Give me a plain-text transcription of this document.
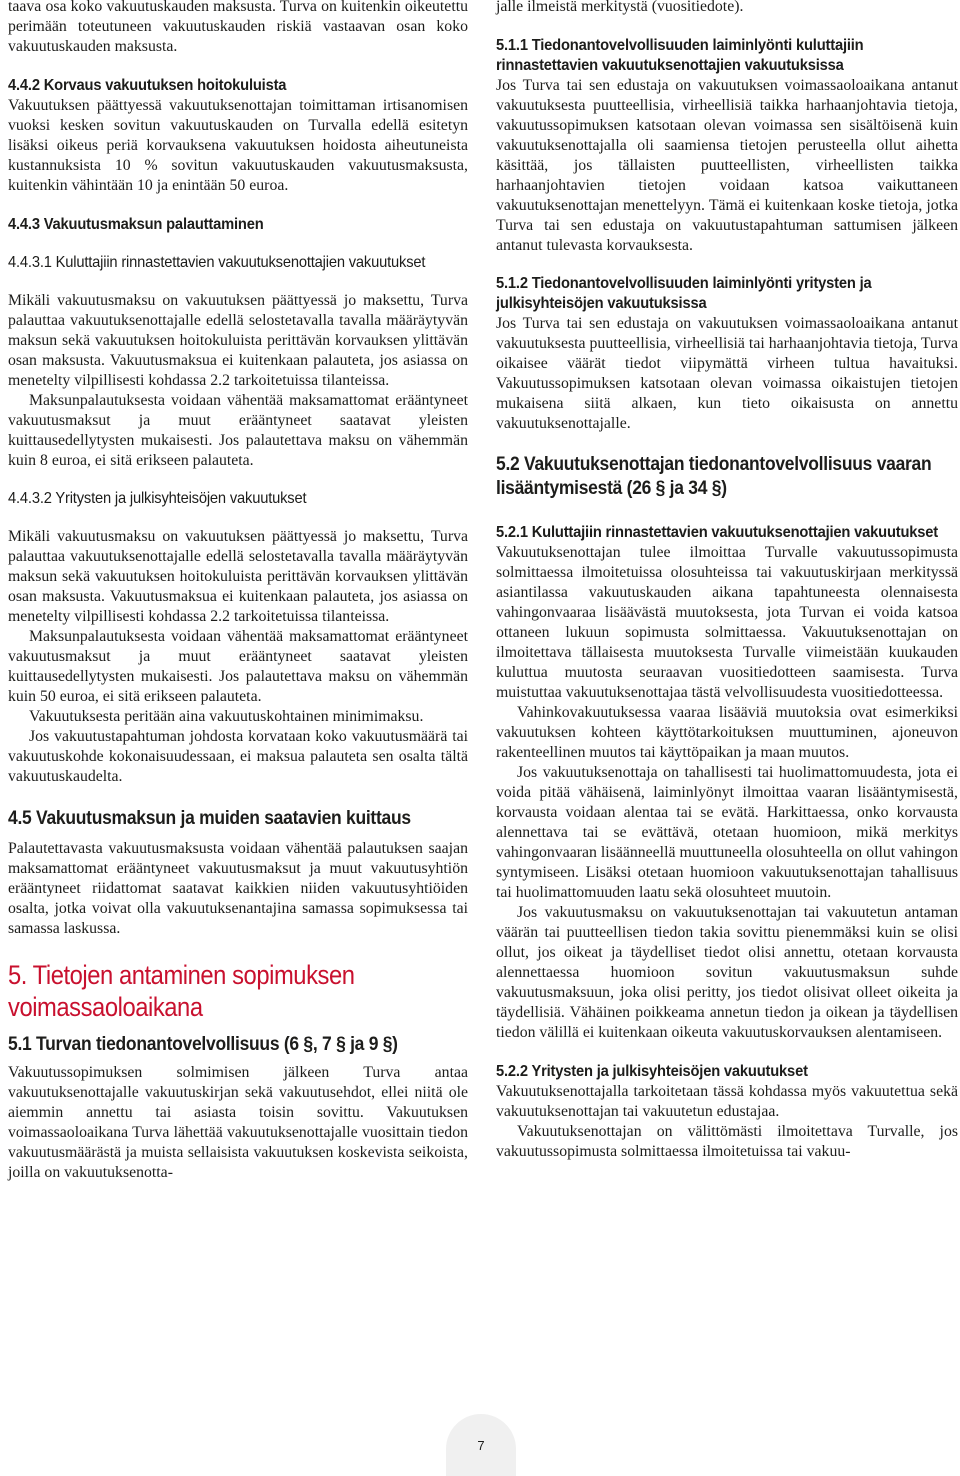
taava osa koko vakuutuskauden maksusta. Turva on kuitenkin oikeutettu perimään toteutuneen vakuutuskauden riskiä vastaavan osan koko vakuutuskauden maksusta.

4.4.2 Korvaus vakuutuksen hoitokuluista

Vakuutuksen päättyessä vakuutuksenottajan toimittaman irtisanomisen vuoksi kesken sovitun vakuutuskauden on Turvalla edellä esitetyn lisäksi oikeus periä korvauksena vakuutuksen hoidosta aiheutuneista kustannuksista 10 % sovitun vakuutuskauden vakuutusmaksusta, kuitenkin vähintään 10 ja enintään 50 euroa.

4.4.3 Vakuutusmaksun palauttaminen
4.4.3.1 Kuluttajiin rinnastettavien vakuutuksenottajien vakuutukset

Mikäli vakuutusmaksu on vakuutuksen päättyessä jo maksettu, Turva palauttaa vakuutuksenottajalle edellä selostetavalla tavalla määräytyvän maksun sekä vakuutuksen hoitokuluista perittävän korvauksen ylittävän osan maksusta. Vakuutusmaksua ei kuitenkaan palauteta, jos asiassa on menetelty vilpillisesti kohdassa 2.2 tarkoitetuissa tilanteissa.

Maksunpalautuksesta voidaan vähentää maksamattomat erääntyneet vakuutusmaksut ja muut erääntyneet saatavat yleisten kuittausedellytysten mukaisesti. Jos palautettava maksu on vähemmän kuin 8 euroa, ei sitä erikseen palauteta.

4.4.3.2 Yritysten ja julkisyhteisöjen vakuutukset

Mikäli vakuutusmaksu on vakuutuksen päättyessä jo maksettu, Turva palauttaa vakuutuksenottajalle edellä selostetavalla tavalla määräytyvän maksun sekä vakuutuksen hoitokuluista perittävän korvauksen ylittävän osan maksusta. Vakuutusmaksua ei kuitenkaan palauteta, jos asiassa on menetelty vilpillisesti kohdassa 2.2 tarkoitetuissa tilanteissa.

Maksunpalautuksesta voidaan vähentää maksamattomat erääntyneet vakuutusmaksut ja muut erääntyneet saatavat yleisten kuittausedellytysten mukaisesti. Jos palautettava maksu on vähemmän kuin 50 euroa, ei sitä erikseen palauteta.

Vakuutuksesta peritään aina vakuutuskohtainen minimimaksu.

Jos vakuutustapahtuman johdosta korvataan koko vakuutusmäärä tai vakuutuskohde kokonaisuudessaan, ei maksua palauteta sen osalta tältä vakuutuskaudelta.

4.5 Vakuutusmaksun ja muiden saatavien kuittaus

Palautettavasta vakuutusmaksusta voidaan vähentää palautuksen saajan maksamattomat erääntyneet vakuutusmaksut ja muut vakuutusyhtiön erääntyneet riidattomat saatavat kaikkien niiden vakuutusyhtiöiden osalta, jotka voivat olla vakuutuksenantajina samassa sopimuksessa tai samassa laskussa.

5. Tietojen antaminen sopimuksen voimassaoloaikana
5.1 Turvan tiedonantovelvollisuus (6 §, 7 § ja 9 §)

Vakuutussopimuksen solmimisen jälkeen Turva antaa vakuutuksenottajalle vakuutuskirjan sekä vakuutusehdot, ellei niitä ole aiemmin annettu tai asiasta toisin sovittu. Vakuutuksen voimassaoloaikana Turva lähettää vakuutuksenottajalle vuosittain tiedon vakuutusmäärästä ja muista sellaisista vakuutuksen koskevista seikoista, joilla on vakuutuksenotta-

jalle ilmeistä merkitystä (vuositiedote).

5.1.1 Tiedonantovelvollisuuden laiminlyönti kuluttajiin rinnastettavien vakuutuksenottajien vakuutuksissa

Jos Turva tai sen edustaja on vakuutuksen voimassaoloaikana antanut vakuutuksesta puutteellisia, virheellisiä taikka harhaanjohtavia tietoja, vakuutussopimuksen katsotaan olevan voimassa sen sisältöisenä kuin vakuutuksenottajalla oli saamiensa tietojen perusteella ollut aihetta käsittää, jos tällaisten puutteellisten, virheellisten taikka harhaanjohtavien tietojen voidaan katsoa vaikuttaneen vakuutuksenottajan menettelyyn. Tämä ei kuitenkaan koske tietoja, jotka Turva tai sen edustaja on vakuutustapahtuman sattumisen jälkeen antanut tulevasta korvauksesta.

5.1.2 Tiedonantovelvollisuuden laiminlyönti yritysten ja julkisyhteisöjen vakuutuksissa

Jos Turva tai sen edustaja on vakuutuksen voimassaoloaikana antanut vakuutuksesta puutteellisia, virheellisiä tai harhaanjohtavia tietoja, Turva oikaisee väärät tiedot viipymättä virheen tultua havaituksi. Vakuutussopimuksen katsotaan olevan voimassa oikaistujen tietojen mukaisena siitä alkaen, kun tieto oikaisusta on annettu vakuutuksenottajalle.

5.2 Vakuutuksenottajan tiedonantovelvollisuus vaaran lisääntymisestä (26 § ja 34 §)
5.2.1 Kuluttajiin rinnastettavien vakuutuksenottajien vakuutukset

Vakuutuksenottajan tulee ilmoittaa Turvalle vakuutussopimusta solmittaessa ilmoitetuissa olosuhteissa tai vakuutuskirjaan merkityssä asiantilassa vakuutuskauden aikana tapahtuneesta olennaisesta vahingonvaaraa lisäävästä muutoksesta, jota Turvan ei voida katsoa ottaneen lukuun sopimusta solmittaessa. Vakuutuksenottajan on ilmoitettava tällaisesta muutoksesta Turvalle viimeistään kuukauden kuluttua muutosta seuraavan vuositiedotteen saamisesta. Turva muistuttaa vakuutuksenottajaa tästä velvollisuudesta vuositiedotteessa.

Vahinkovakuutuksessa vaaraa lisääviä muutoksia ovat esimerkiksi vakuutuksen kohteen käyttötarkoituksen muuttuminen, ajoneuvon rakenteellinen muutos tai käyttöpaikan ja maan muutos.

Jos vakuutuksenottaja on tahallisesti tai huolimattomuudesta, jota ei voida pitää vähäisenä, laiminlyönyt ilmoittaa vaaran lisääntymisestä, korvausta voidaan alentaa tai se evätä. Harkittaessa, onko korvausta alennettava tai se evättävä, otetaan huomioon, mikä merkitys vahingonvaaran lisäänneellä muuttuneella olosuhteella on ollut vahingon syntymiseen. Lisäksi otetaan huomioon vakuutuksenottajan tahallisuus tai huolimattomuuden laatu sekä olosuhteet muutoin.

Jos vakuutusmaksu on vakuutuksenottajan tai vakuutetun antaman väärän tai puutteellisen tiedon takia sovittu pienemmäksi kuin se olisi ollut, jos oikeat ja täydelliset tiedot olisi annettu, otetaan korvausta alennettaessa huomioon sovitun vakuutusmaksun suhde vakuutusmaksuun, joka olisi peritty, jos tiedot olisivat olleet oikeita ja täydellisiä. Vähäinen poikkeama annetun tiedon ja oikean ja täydellisen tiedon välillä ei kuitenkaan oikeuta vakuutuskorvauksen alentamiseen.

5.2.2 Yritysten ja julkisyhteisöjen vakuutukset

Vakuutuksenottajalla tarkoitetaan tässä kohdassa myös vakuutettua sekä vakuutuksenottajan tai vakuutetun edustajaa.

Vakuutuksenottajan on välittömästi ilmoitettava Turvalle, jos vakuutussopimusta solmittaessa ilmoitetuissa tai vakuu-

7
